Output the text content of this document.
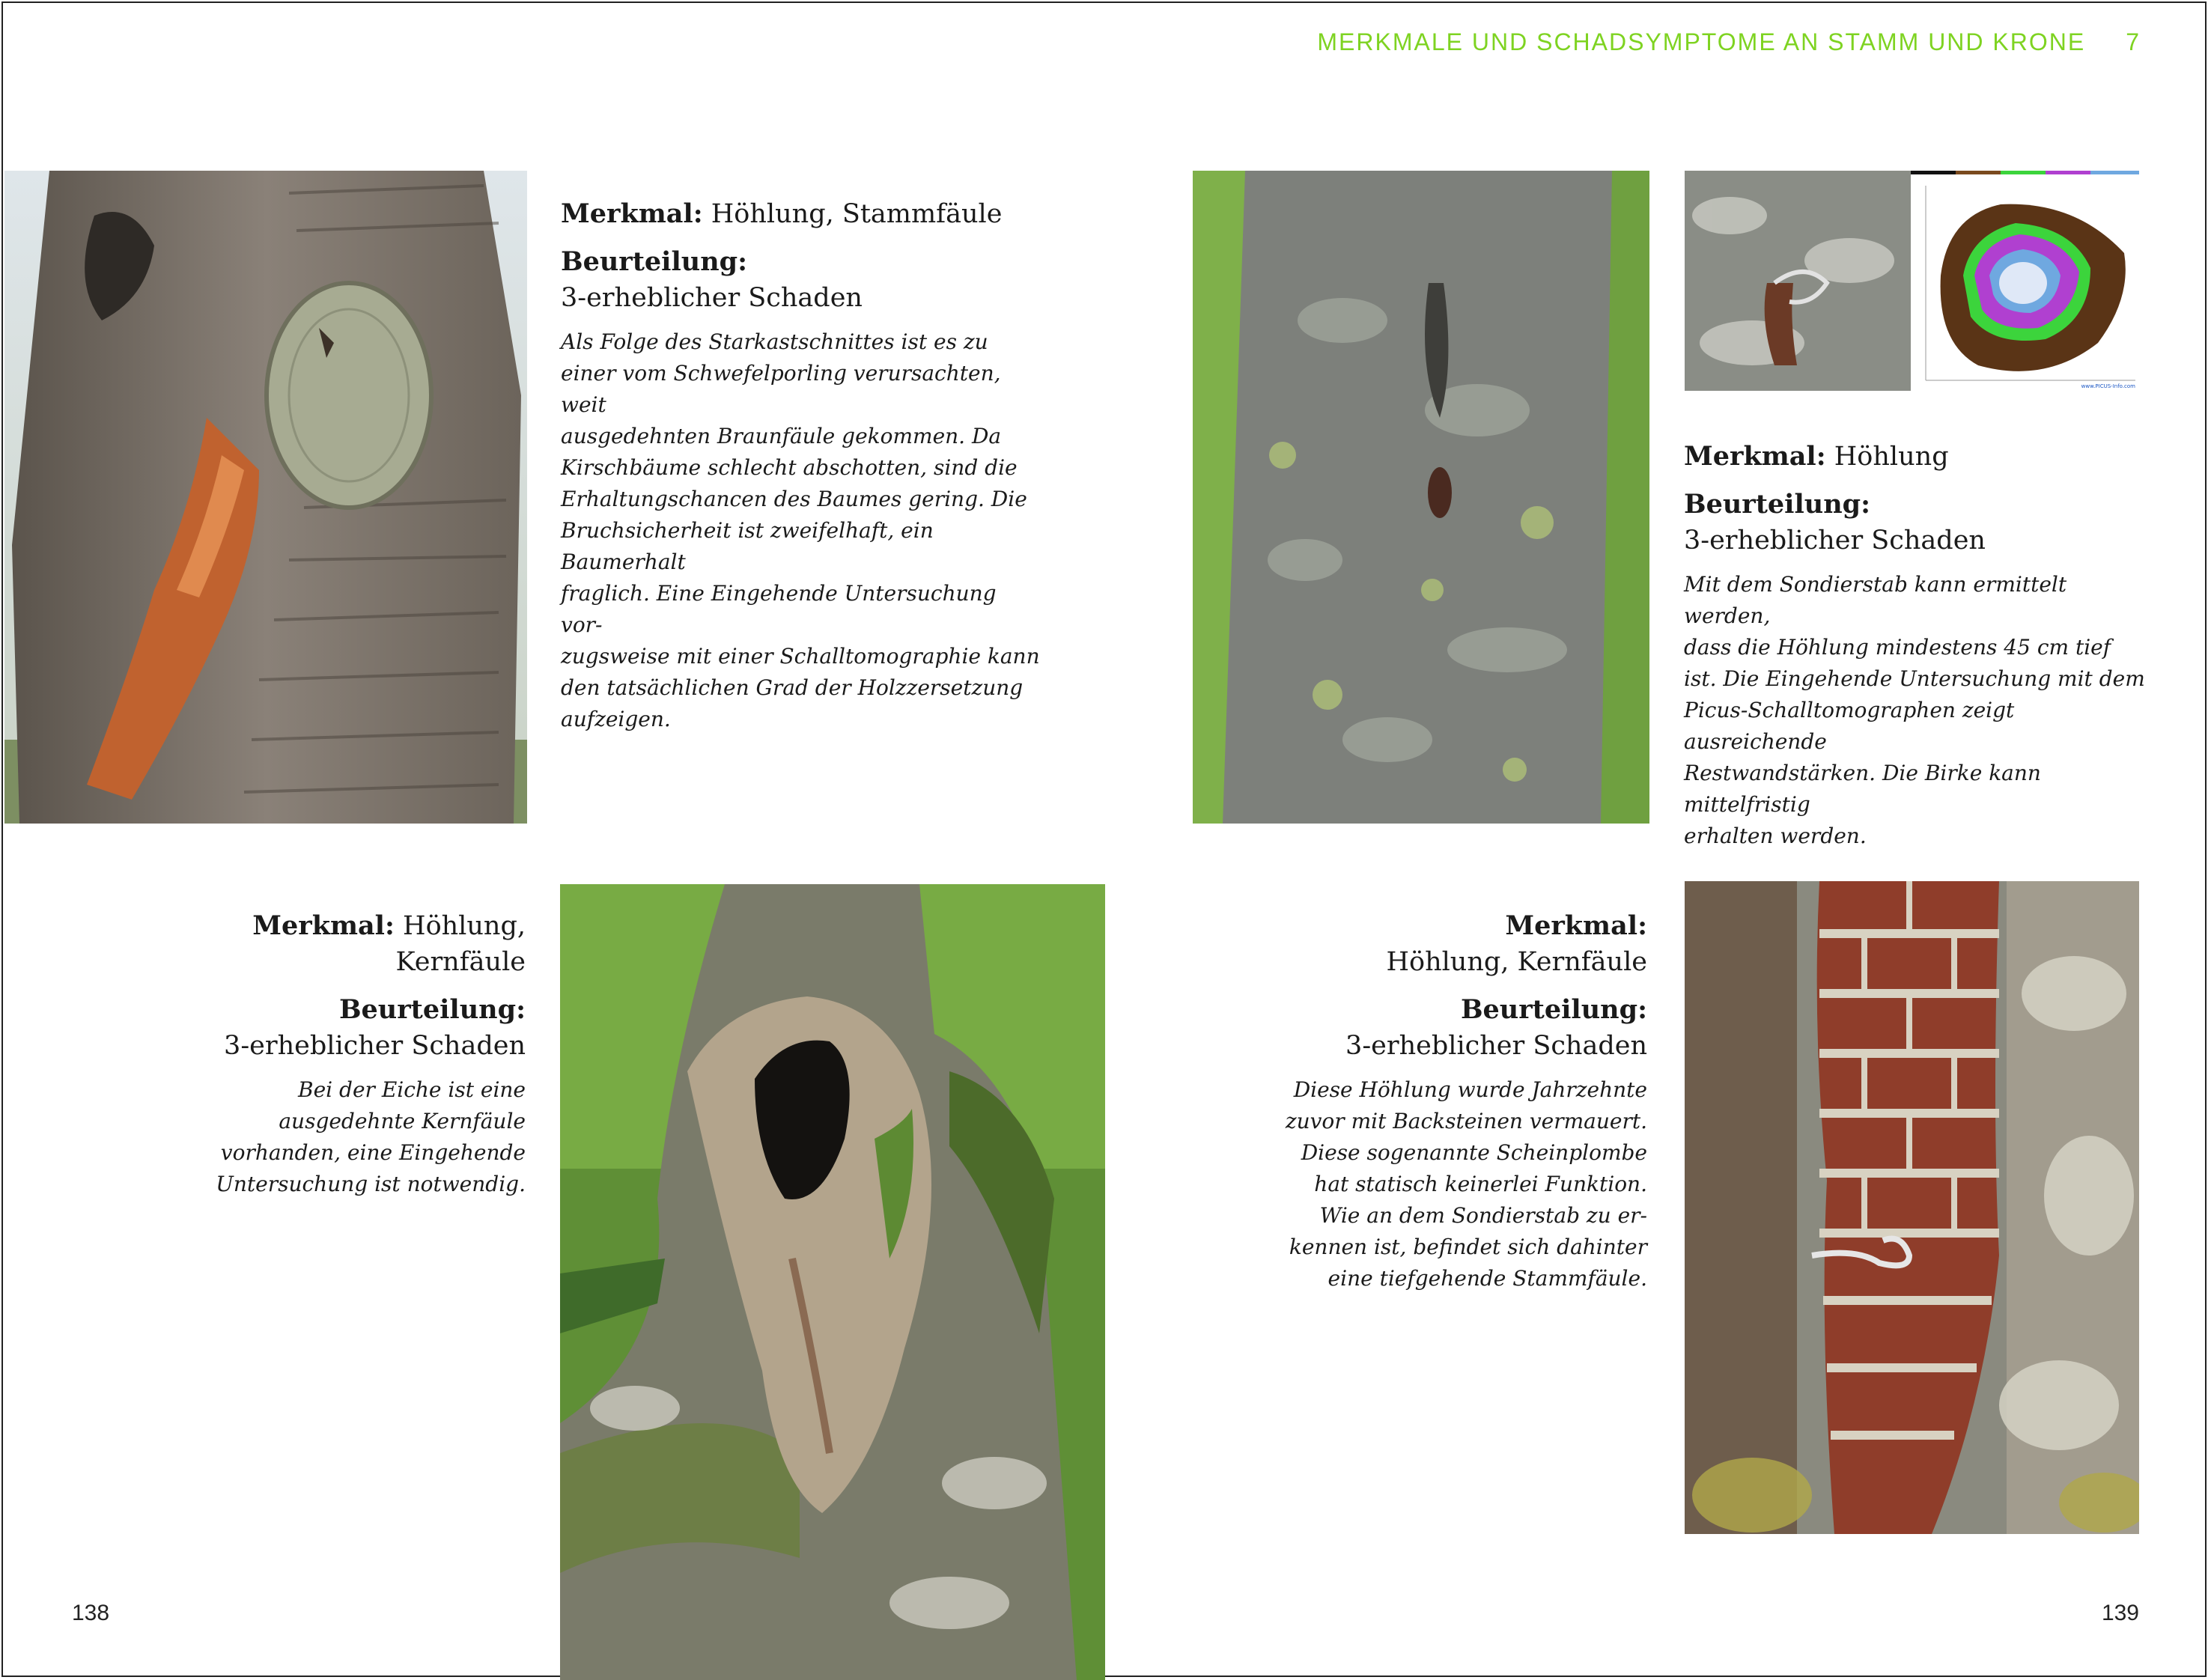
MERKMALE UND SCHADSYMPTOME AN STAMM UND KRONE 7
www.PICUS-Info.com
Merkmal: Höhlung, Stammfäule
Beurteilung:
3-erheblicher Schaden
Als Folge des Starkastschnittes ist es zu
einer vom Schwefelporling verursachten, weit
ausgedehnten Braunfäule gekommen. Da
Kirschbäume schlecht abschotten, sind die
Erhaltungschancen des Baumes gering. Die
Bruchsicherheit ist zweifelhaft, ein Baumerhalt
fraglich. Eine Eingehende Untersuchung vor-
zugsweise mit einer Schalltomographie kann
den tatsächlichen Grad der Holzzersetzung
aufzeigen.
Merkmal: Höhlung
Beurteilung:
3-erheblicher Schaden
Mit dem Sondierstab kann ermittelt werden,
dass die Höhlung mindestens 45 cm tief
ist. Die Eingehende Untersuchung mit dem
Picus-Schalltomographen zeigt ausreichende
Restwandstärken. Die Birke kann mittelfristig
erhalten werden.
Merkmal: Höhlung,
Kernfäule
Beurteilung:
3-erheblicher Schaden
Bei der Eiche ist eine
ausgedehnte Kernfäule
vorhanden, eine Eingehende
Untersuchung ist notwendig.
Merkmal:
Höhlung, Kernfäule
Beurteilung:
3-erheblicher Schaden
Diese Höhlung wurde Jahrzehnte
zuvor mit Backsteinen vermauert.
Diese sogenannte Scheinplombe
hat statisch keinerlei Funktion.
Wie an dem Sondierstab zu er-
kennen ist, befindet sich dahinter
eine tiefgehende Stammfäule.
138	139
